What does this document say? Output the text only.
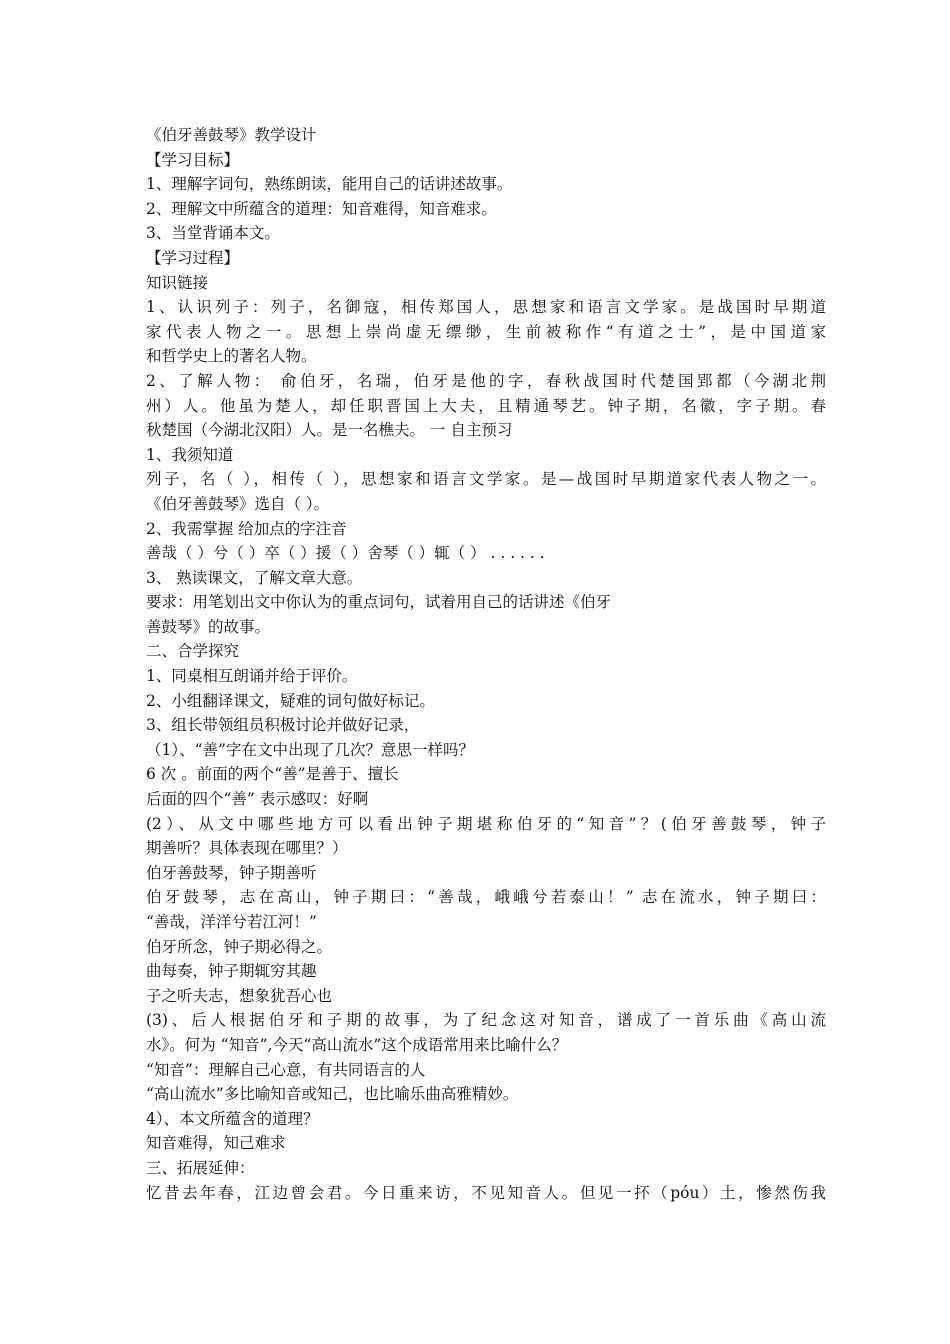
《伯牙善鼓琴》教学设计
【学习目标】
1、理解字词句，熟练朗读，能用自己的话讲述故事。
2、理解文中所蕴含的道理：知音难得，知音难求。
3、当堂背诵本文。
【学习过程】
知识链接
1、认识列子：列子，名御寇，相传郑国人，思想家和语言文学家。是战国时早期道
家代表人物之一。思想上崇尚虚无缥缈，生前被称作“有道之士”，是中国道家
和哲学史上的著名人物。
2、了解人物： 俞伯牙，名瑞，伯牙是他的字，春秋战国时代楚国郢都（今湖北荆
州）人。他虽为楚人，却任职晋国上大夫，且精通琴艺。钟子期，名徽，字子期。春
秋楚国（今湖北汉阳）人。是一名樵夫。 一 自主预习
1、我须知道
列子，名（ ），相传（ ），思想家和语言文学家。是—战国时早期道家代表人物之一。
《伯牙善鼓琴》选自（ ）。
2、我需掌握 给加点的字注音
善哉（ ）兮（ ）卒（ ）援（ ）舍琴（ ）辄（ ） . . . . . .
3、 熟读课文，了解文章大意。
要求：用笔划出文中你认为的重点词句，试着用自己的话讲述《伯牙
善鼓琴》的故事。
二、合学探究
1、同桌相互朗诵并给于评价。
2、小组翻译课文，疑难的词句做好标记。
3、组长带领组员积极讨论并做好记录，
（1）、“善”字在文中出现了几次？意思一样吗？
6 次 。前面的两个“善”是善于、擅长
后面的四个“善” 表示感叹：好啊
(2）、从文中哪些地方可以看出钟子期堪称伯牙的“知音”？(伯牙善鼓琴，钟子
期善听？具体表现在哪里？）
伯牙善鼓琴，钟子期善听
伯牙鼓琴，志在高山，钟子期曰：“善哉，峨峨兮若泰山！” 志在流水，钟子期曰：
“善哉，洋洋兮若江河！”
伯牙所念，钟子期必得之。
曲每奏，钟子期辄穷其趣
子之听夫志，想象犹吾心也
(3)、后人根据伯牙和子期的故事，为了纪念这对知音，谱成了一首乐曲《高山流
水》。何为 “知音”,今天“高山流水”这个成语常用来比喻什么？
“知音”：理解自己心意，有共同语言的人
“高山流水”多比喻知音或知己，也比喻乐曲高雅精妙。
4）、本文所蕴含的道理？
知音难得，知己难求
三、拓展延伸：
忆昔去年春，江边曾会君。今日重来访，不见知音人。但见一抔（póu）土，惨然伤我
